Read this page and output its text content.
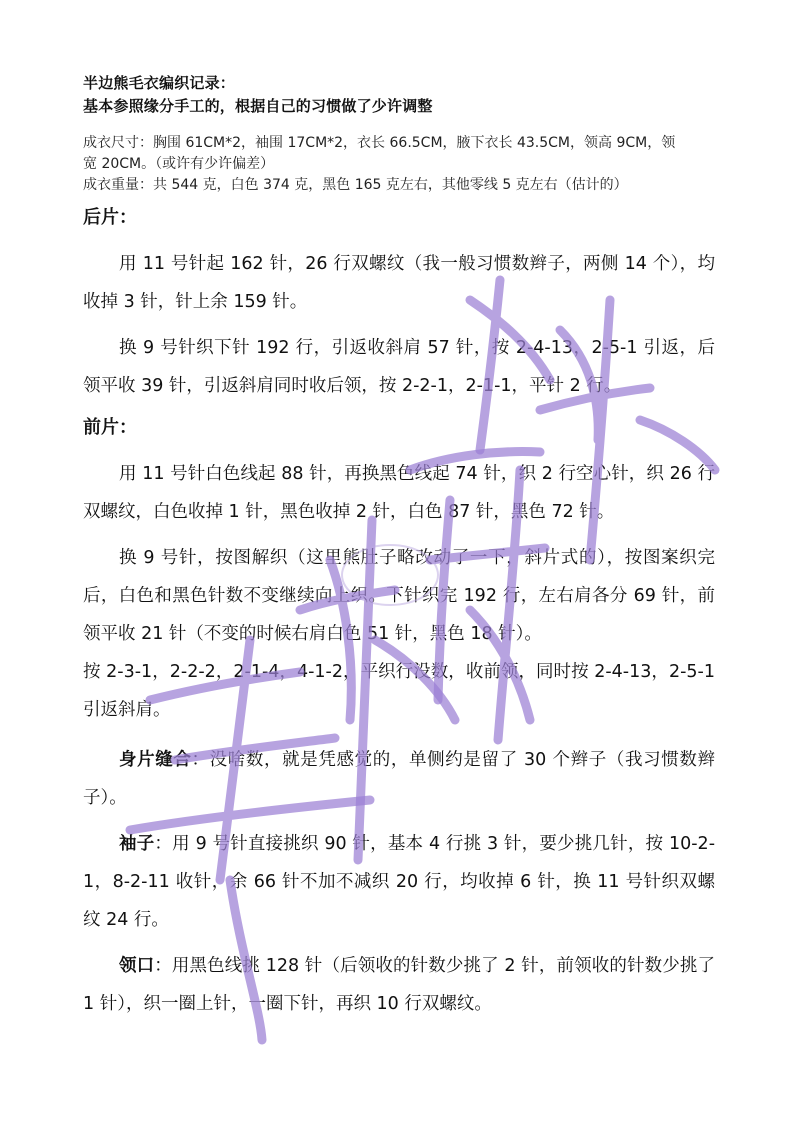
半边熊毛衣编织记录：
基本参照缘分手工的，根据自己的习惯做了少许调整
成衣尺寸：胸围 61CM*2，袖围 17CM*2，衣长 66.5CM，腋下衣长 43.5CM，领高 9CM，领
宽 20CM。（或许有少许偏差）
成衣重量：共 544 克，白色 374 克，黑色 165 克左右，其他零线 5 克左右（估计的）
后片：

用 11 号针起 162 针，26 行双螺纹（我一般习惯数辫子，两侧 14 个），均收掉 3 针，针上余 159 针。

换 9 号针织下针 192 行，引返收斜肩 57 针，按 2-4-13，2-5-1 引返，后领平收 39 针，引返斜肩同时收后领，按 2-2-1，2-1-1，平针 2 行。

前片：

用 11 号针白色线起 88 针，再换黑色线起 74 针，织 2 行空心针，织 26 行双螺纹，白色收掉 1 针，黑色收掉 2 针，白色 87 针，黑色 72 针。

换 9 号针，按图解织（这里熊肚子略改动了一下，斜片式的），按图案织完后，白色和黑色针数不变继续向上织。下针织完 192 行，左右肩各分 69 针，前领平收 21 针（不变的时候右肩白色 51 针，黑色 18 针）。

按 2-3-1，2-2-2，2-1-4，4-1-2，平织行没数，收前领，同时按 2-4-13，2-5-1 引返斜肩。

身片缝合：没啥数，就是凭感觉的，单侧约是留了 30 个辫子（我习惯数辫子）。

袖子：用 9 号针直接挑织 90 针，基本 4 行挑 3 针，要少挑几针，按 10-2-1，8-2-11 收针，余 66 针不加不减织 20 行，均收掉 6 针，换 11 号针织双螺纹 24 行。

领口：用黑色线挑 128 针（后领收的针数少挑了 2 针，前领收的针数少挑了 1 针），织一圈上针，一圈下针，再织 10 行双螺纹。
